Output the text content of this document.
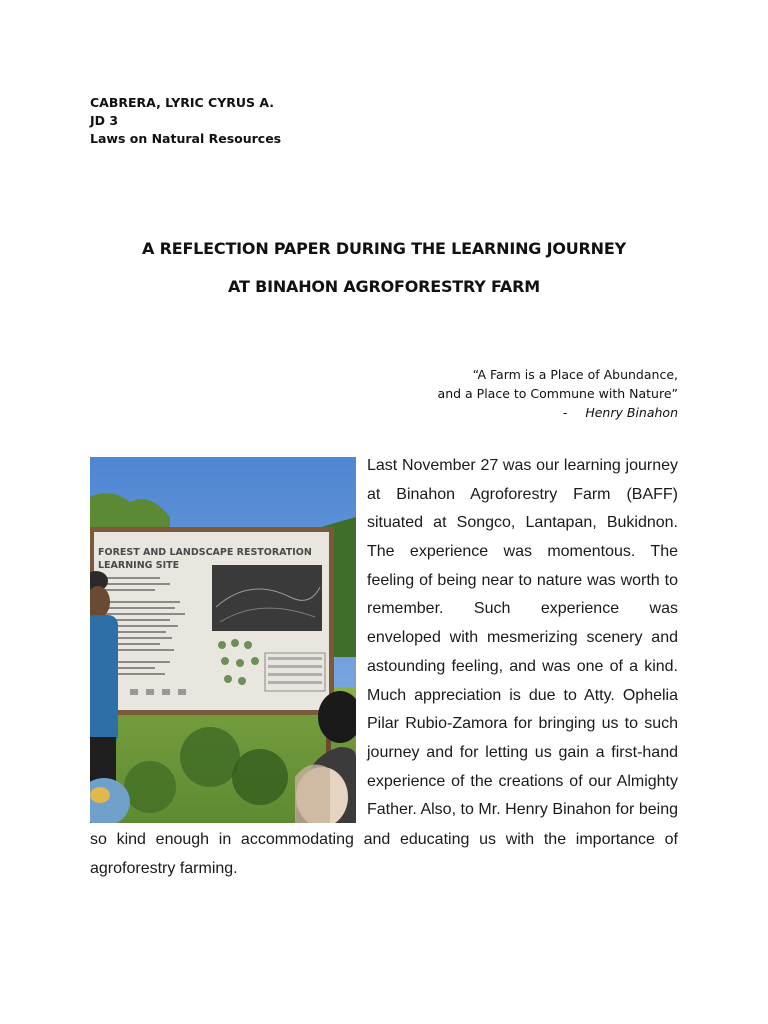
CABRERA, LYRIC CYRUS A.
JD 3
Laws on Natural Resources
A REFLECTION PAPER DURING THE LEARNING JOURNEY
AT BINAHON AGROFORESTRY FARM
“A Farm is a Place of Abundance,
and a Place to Commune with Nature”
- Henry Binahon
FOREST AND LANDSCAPE RESTORATION
LEARNING SITE
Last November 27 was our learning journey
at Binahon Agroforestry Farm (BAFF)
situated at Songco, Lantapan, Bukidnon.
The experience was momentous. The
feeling of being near to nature was worth to
remember. Such experience was
enveloped with mesmerizing scenery and
astounding feeling, and was one of a kind.
Much appreciation is due to Atty. Ophelia
Pilar Rubio-Zamora for bringing us to such
journey and for letting us gain a first-hand
experience of the creations of our Almighty
Father. Also, to Mr. Henry Binahon for being
so kind enough in accommodating and educating us with the importance of
agroforestry farming.
